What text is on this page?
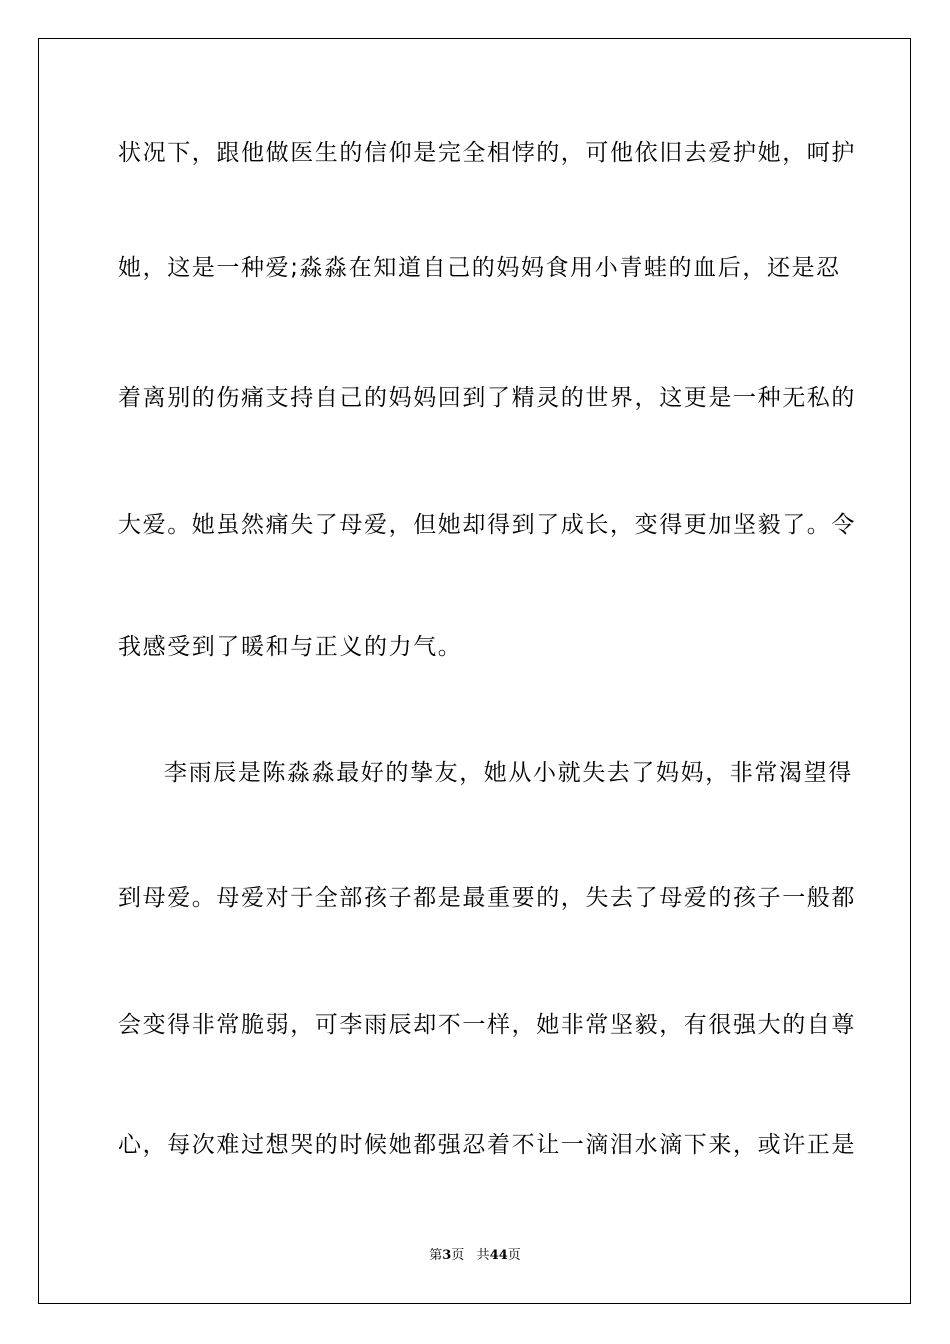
状况下，跟他做医生的信仰是完全相悖的，可他依旧去爱护她，呵护
她，这是一种爱;淼淼在知道自己的妈妈食用小青蛙的血后，还是忍
着离别的伤痛支持自己的妈妈回到了精灵的世界，这更是一种无私的
大爱。她虽然痛失了母爱，但她却得到了成长，变得更加坚毅了。令
我感受到了暖和与正义的力气。
李雨辰是陈淼淼最好的挚友，她从小就失去了妈妈，非常渴望得
到母爱。母爱对于全部孩子都是最重要的，失去了母爱的孩子一般都
会变得非常脆弱，可李雨辰却不一样，她非常坚毅，有很强大的自尊
心，每次难过想哭的时候她都强忍着不让一滴泪水滴下来，或许正是
第3页 共44页
